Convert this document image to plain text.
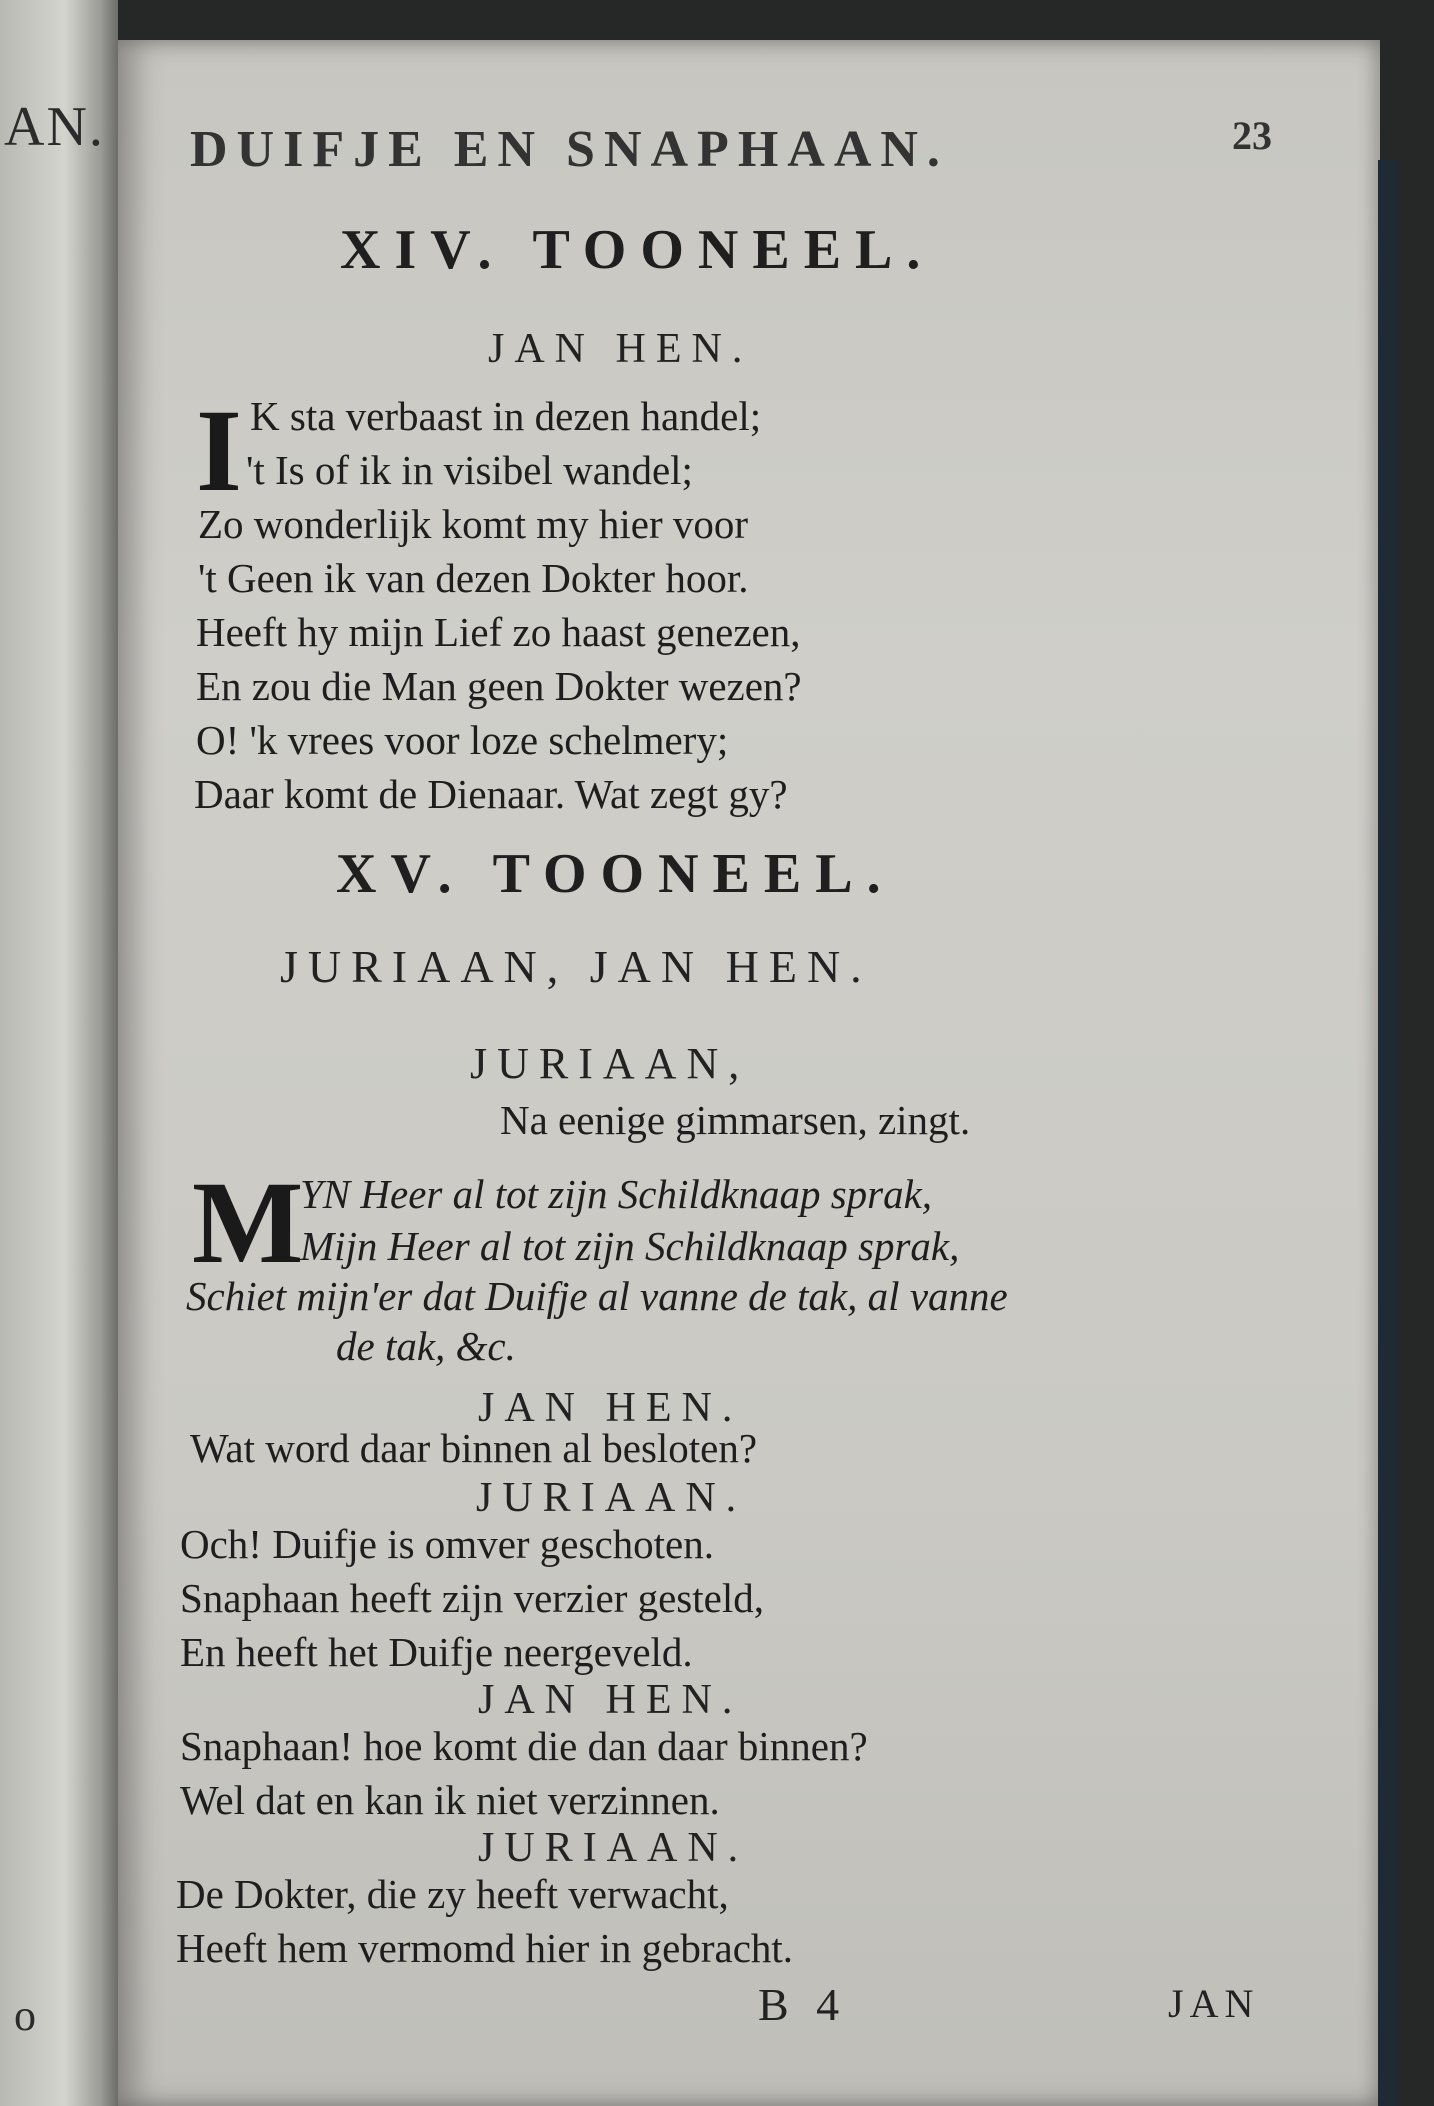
AN.
o
DUIFJE EN SNAPHAAN.	23
XIV. TOONEEL.
JAN HEN.
I K sta verbaast in dezen handel;
't Is of ik in visibel wandel;
Zo wonderlijk komt my hier voor
't Geen ik van dezen Dokter hoor.
Heeft hy mijn Lief zo haast genezen,
En zou die Man geen Dokter wezen?
O! 'k vrees voor loze schelmery;
Daar komt de Dienaar. Wat zegt gy?
XV. TOONEEL.
JURIAAN, JAN HEN.
JURIAAN,
Na eenige gimmarsen, zingt.
M
YN Heer al tot zijn Schildknaap sprak,
Mijn Heer al tot zijn Schildknaap sprak,
Schiet mijn'er dat Duifje al vanne de tak, al vanne
de tak, &c.
JAN HEN.
Wat word daar binnen al besloten?
JURIAAN.
Och! Duifje is omver geschoten.
Snaphaan heeft zijn verzier gesteld,
En heeft het Duifje neergeveld.
JAN HEN.
Snaphaan! hoe komt die dan daar binnen?
Wel dat en kan ik niet verzinnen.
JURIAAN.
De Dokter, die zy heeft verwacht,
Heeft hem vermomd hier in gebracht.
B 4	JAN
